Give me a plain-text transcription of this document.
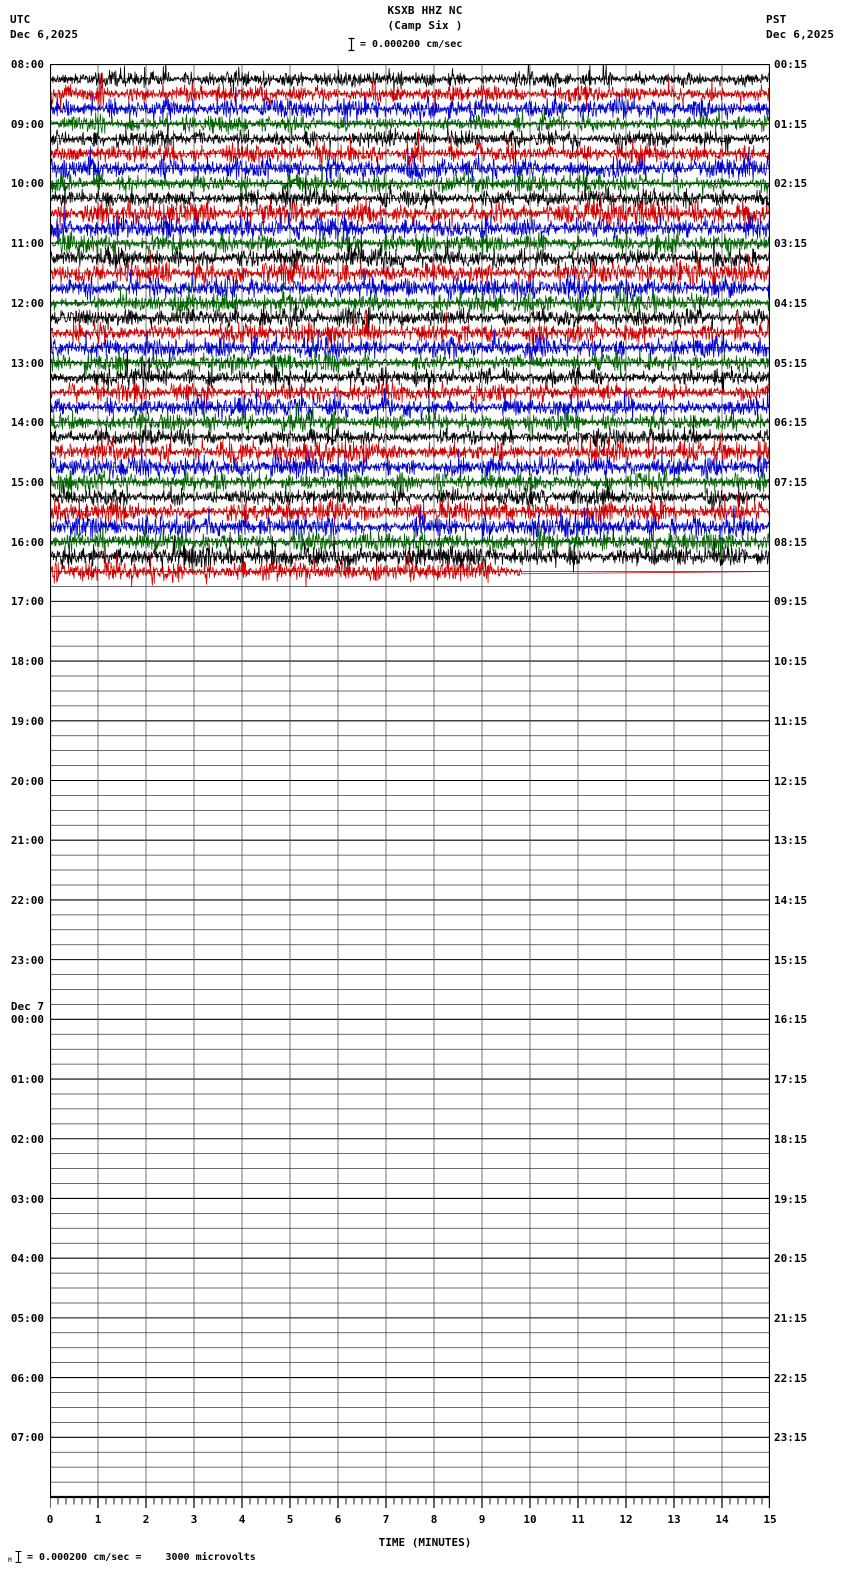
UTC
Dec 6,2025
PST
Dec 6,2025
KSXB HHZ NC
(Camp Six )
= 0.000200 cm/sec
08:00
09:00
10:00
11:00
12:00
13:00
14:00
15:00
16:00
17:00
18:00
19:00
20:00
21:00
22:00
23:00
00:00
Dec 7
01:00
02:00
03:00
04:00
05:00
06:00
07:00
00:15
01:15
02:15
03:15
04:15
05:15
06:15
07:15
08:15
09:15
10:15
11:15
12:15
13:15
14:15
15:15
16:15
17:15
18:15
19:15
20:15
21:15
22:15
23:15
0	1	2	3	4	5	6	7	8	9	10	11	12	13	14	15
TIME (MINUTES)
M = 0.000200 cm/sec =    3000 microvolts
